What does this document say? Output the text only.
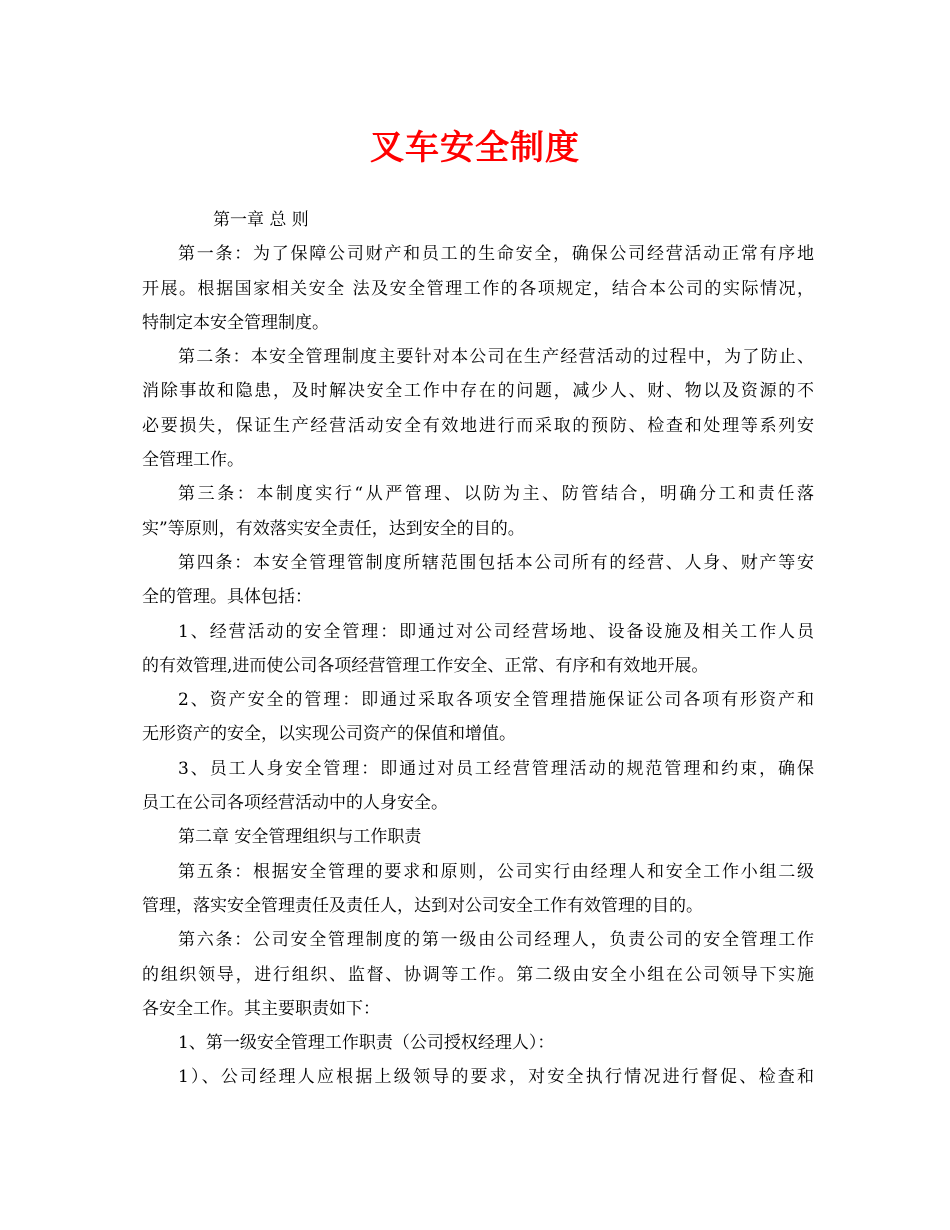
叉车安全制度
第一章 总 则
第一条：为了保障公司财产和员工的生命安全，确保公司经营活动正常有序地
开展。根据国家相关安全 法及安全管理工作的各项规定，结合本公司的实际情况，
特制定本安全管理制度。
第二条：本安全管理制度主要针对本公司在生产经营活动的过程中，为了防止、
消除事故和隐患，及时解决安全工作中存在的问题，减少人、财、物以及资源的不
必要损失，保证生产经营活动安全有效地进行而采取的预防、检查和处理等系列安
全管理工作。
第三条：本制度实行“从严管理、以防为主、防管结合，明确分工和责任落
实”等原则，有效落实安全责任，达到安全的目的。
第四条：本安全管理管制度所辖范围包括本公司所有的经营、人身、财产等安
全的管理。具体包括：
1、经营活动的安全管理：即通过对公司经营场地、设备设施及相关工作人员
的有效管理,进而使公司各项经营管理工作安全、正常、有序和有效地开展。
2、资产安全的管理：即通过采取各项安全管理措施保证公司各项有形资产和
无形资产的安全，以实现公司资产的保值和增值。
3、员工人身安全管理：即通过对员工经营管理活动的规范管理和约束，确保
员工在公司各项经营活动中的人身安全。
第二章 安全管理组织与工作职责
第五条：根据安全管理的要求和原则，公司实行由经理人和安全工作小组二级
管理，落实安全管理责任及责任人，达到对公司安全工作有效管理的目的。
第六条：公司安全管理制度的第一级由公司经理人，负责公司的安全管理工作
的组织领导，进行组织、监督、协调等工作。第二级由安全小组在公司领导下实施
各安全工作。其主要职责如下：
1、第一级安全管理工作职责（公司授权经理人）：
1）、公司经理人应根据上级领导的要求，对安全执行情况进行督促、检查和
